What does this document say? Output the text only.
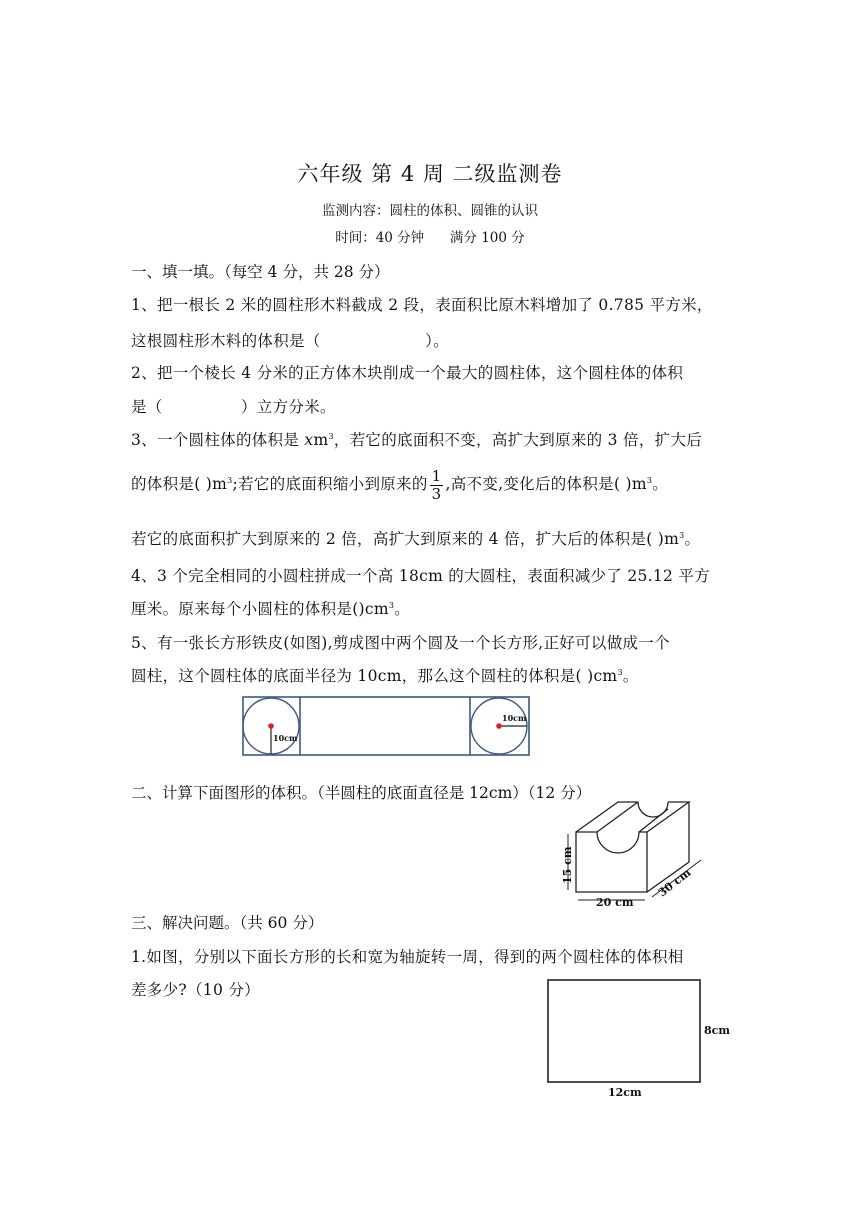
六年级 第 4 周 二级监测卷
监测内容：圆柱的体积、圆锥的认识
时间：40 分钟      满分 100 分
一、填一填。（每空 4 分，共 28 分）
1、把一根长 2 米的圆柱形木料截成 2 段，表面积比原木料增加了 0.785 平方米，
这根圆柱形木料的体积是（                    ）。
2、把一个棱长 4 分米的正方体木块削成一个最大的圆柱体，这个圆柱体的体积
是（               ）立方分米。
3、一个圆柱体的体积是 $xm^3$，若它的底面积不变，高扩大到原来的 3 倍，扩大后
的体积是( )$m^3$;若它的底面积缩小到原来的 $\frac{1}{3}$ ,高不变,变化后的体积是( )$m^3$。
若它的底面积扩大到原来的 2 倍，高扩大到原来的 4 倍，扩大后的体积是( )$m^3$。
4、3 个完全相同的小圆柱拼成一个高 18cm 的大圆柱，表面积减少了 25.12 平方
厘米。原来每个小圆柱的体积是$()cm^3$。
5、有一张长方形铁皮(如图),剪成图中两个圆及一个长方形,正好可以做成一个
圆柱，这个圆柱体的底面半径为 10cm，那么这个圆柱的体积是( )$cm^3$。
10cm
10cm
二、计算下面图形的体积。（半圆柱的底面直径是 12cm）（12 分）
15 cm
20 cm
30 cm
三、解决问题。（共 60 分）
1.如图，分别以下面长方形的长和宽为轴旋转一周，得到的两个圆柱体的体积相
差多少?（10 分）
8cm
12cm
